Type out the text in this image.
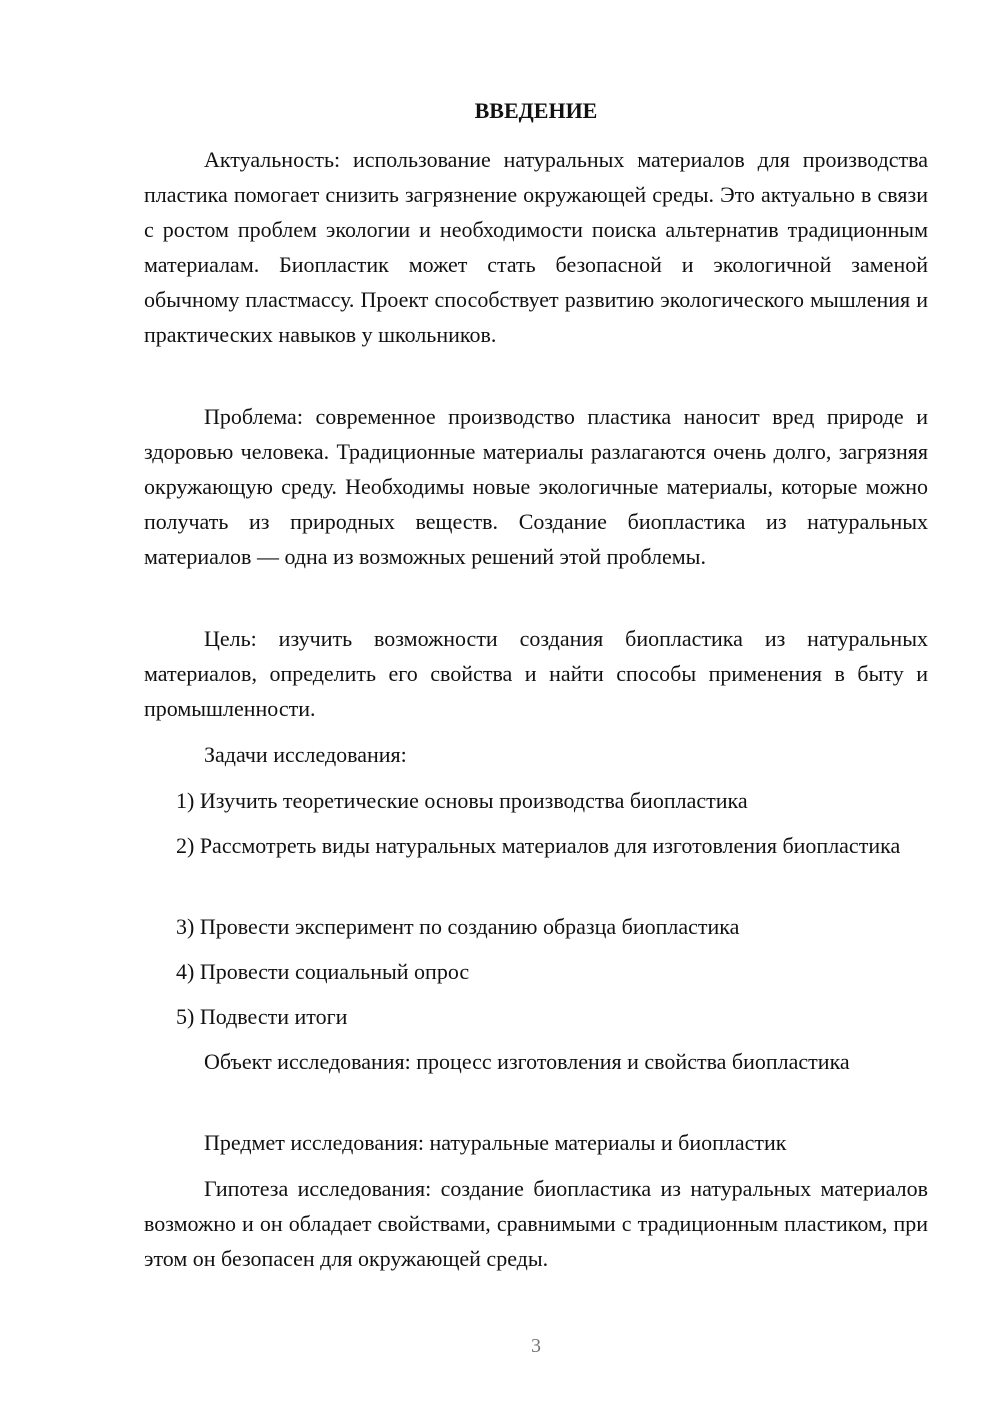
ВВЕДЕНИЕ

Актуальность: использование натуральных материалов для производства пластика помогает снизить загрязнение окружающей среды. Это актуально в связи с ростом проблем экологии и необходимости поиска альтернатив традиционным материалам. Биопластик может стать безопасной и экологичной заменой обычному пластмассу. Проект способствует развитию экологического мышления и практических навыков у школьников.

Проблема: современное производство пластика наносит вред природе и здоровью человека. Традиционные материалы разлагаются очень долго, загрязняя окружающую среду. Необходимы новые экологичные материалы, которые можно получать из природных веществ. Создание биопластика из натуральных материалов — одна из возможных решений этой проблемы.

Цель: изучить возможности создания биопластика из натуральных материалов, определить его свойства и найти способы применения в быту и промышленности.

Задачи исследования:

1) Изучить теоретические основы производства биопластика

2) Рассмотреть виды натуральных материалов для изготовления биопластика

3) Провести эксперимент по созданию образца биопластика

4) Провести социальный опрос

5) Подвести итоги

Объект исследования: процесс изготовления и свойства биопластика

Предмет исследования: натуральные материалы и биопластик

Гипотеза исследования: создание биопластика из натуральных материалов возможно и он обладает свойствами, сравнимыми с традиционным пластиком, при этом он безопасен для окружающей среды.

3
